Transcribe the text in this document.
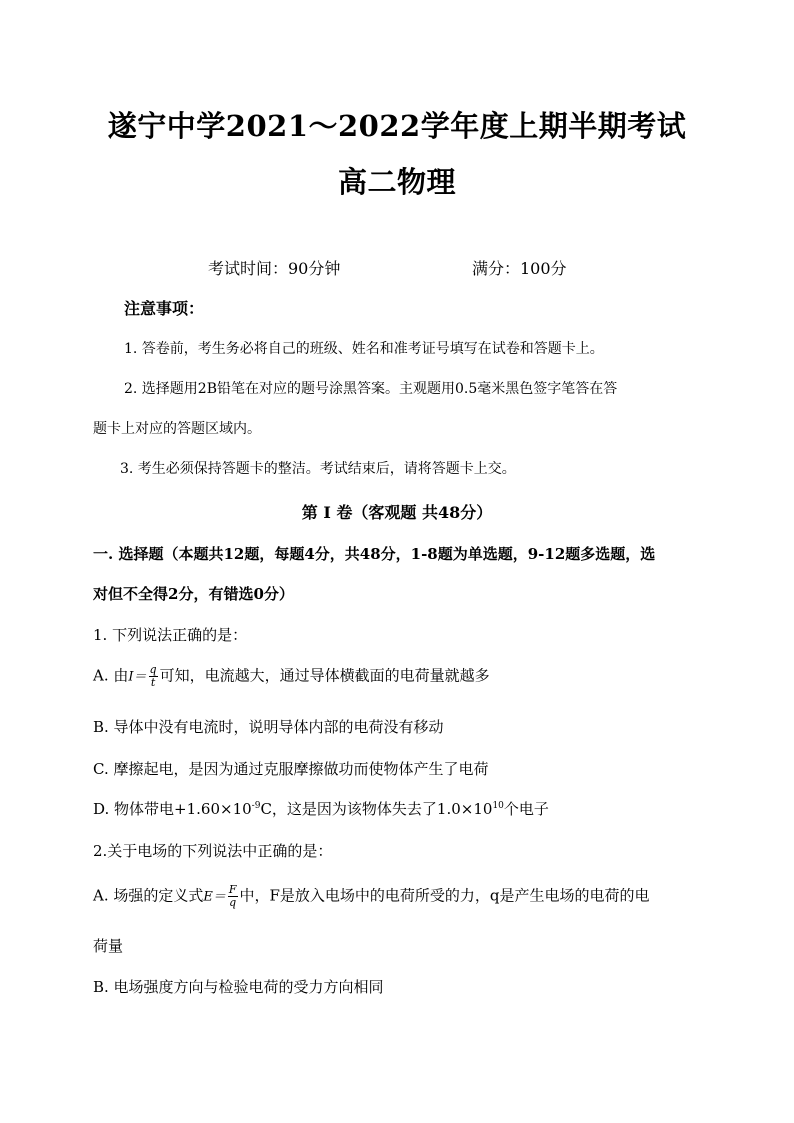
遂宁中学2021～2022学年度上期半期考试
高二物理
考试时间：90分钟	满分：100分
注意事项：
1. 答卷前，考生务必将自己的班级、姓名和准考证号填写在试卷和答题卡上。
2. 选择题用2B铅笔在对应的题号涂黑答案。主观题用0.5毫米黑色签字笔答在答
题卡上对应的答题区域内。
3. 考生必须保持答题卡的整洁。考试结束后，请将答题卡上交。
第 Ⅰ 卷（客观题 共48分）
一. 选择题（本题共12题，每题4分，共48分，1-8题为单选题，9-12题多选题，选
对但不全得2分，有错选0分）
1. 下列说法正确的是：
A. 由$I= \frac{q}{t}$ 可知，电流越大，通过导体横截面的电荷量就越多
B. 导体中没有电流时，说明导体内部的电荷没有移动
C. 摩擦起电，是因为通过克服摩擦做功而使物体产生了电荷
D. 物体带电$+1.60\times 10^{-9}C$，这是因为该物体失去了$1.0\times 10^{10}$个电子
2.关于电场的下列说法中正确的是：
A. 场强的定义式$E= \frac{F}{q}$ 中，F是放入电场中的电荷所受的力，q是产生电场的电荷的电
荷量
B. 电场强度方向与检验电荷的受力方向相同
